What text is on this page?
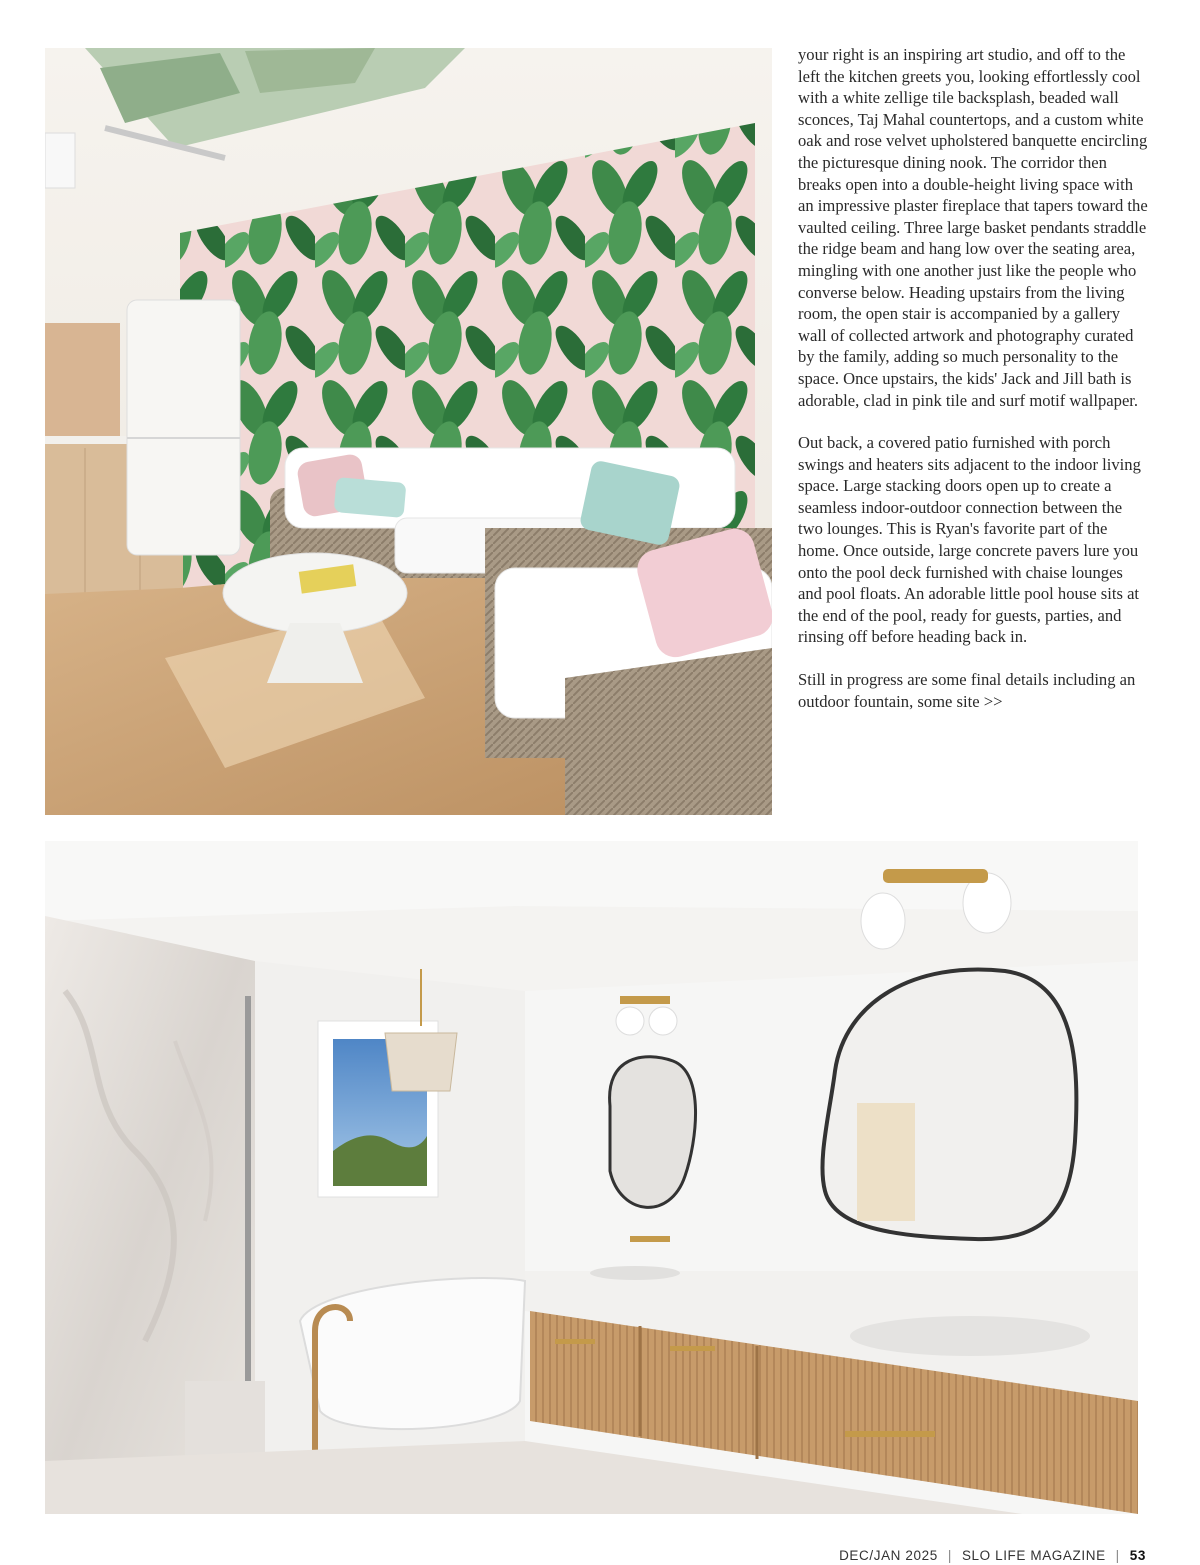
your right is an inspiring art studio, and off to the left the kitchen greets you, looking effortlessly cool with a white zellige tile backsplash, beaded wall sconces, Taj Mahal countertops, and a custom white oak and rose velvet upholstered banquette encircling the picturesque dining nook. The corridor then breaks open into a double-height living space with an impressive plaster fireplace that tapers toward the vaulted ceiling. Three large basket pendants straddle the ridge beam and hang low over the seating area, mingling with one another just like the people who converse below. Heading upstairs from the living room, the open stair is accompanied by a gallery wall of collected artwork and photography curated by the family, adding so much personality to the space. Once upstairs, the kids' Jack and Jill bath is adorable, clad in pink tile and surf motif wallpaper.

Out back, a covered patio furnished with porch swings and heaters sits adjacent to the indoor living space. Large stacking doors open up to create a seamless indoor-outdoor connection between the two lounges. This is Ryan's favorite part of the home. Once outside, large concrete pavers lure you onto the pool deck furnished with chaise lounges and pool floats. An adorable little pool house sits at the end of the pool, ready for guests, parties, and rinsing off before heading back in.

Still in progress are some final details including an outdoor fountain, some site >>

DEC/JAN 2025 | SLO LIFE MAGAZINE | 53
